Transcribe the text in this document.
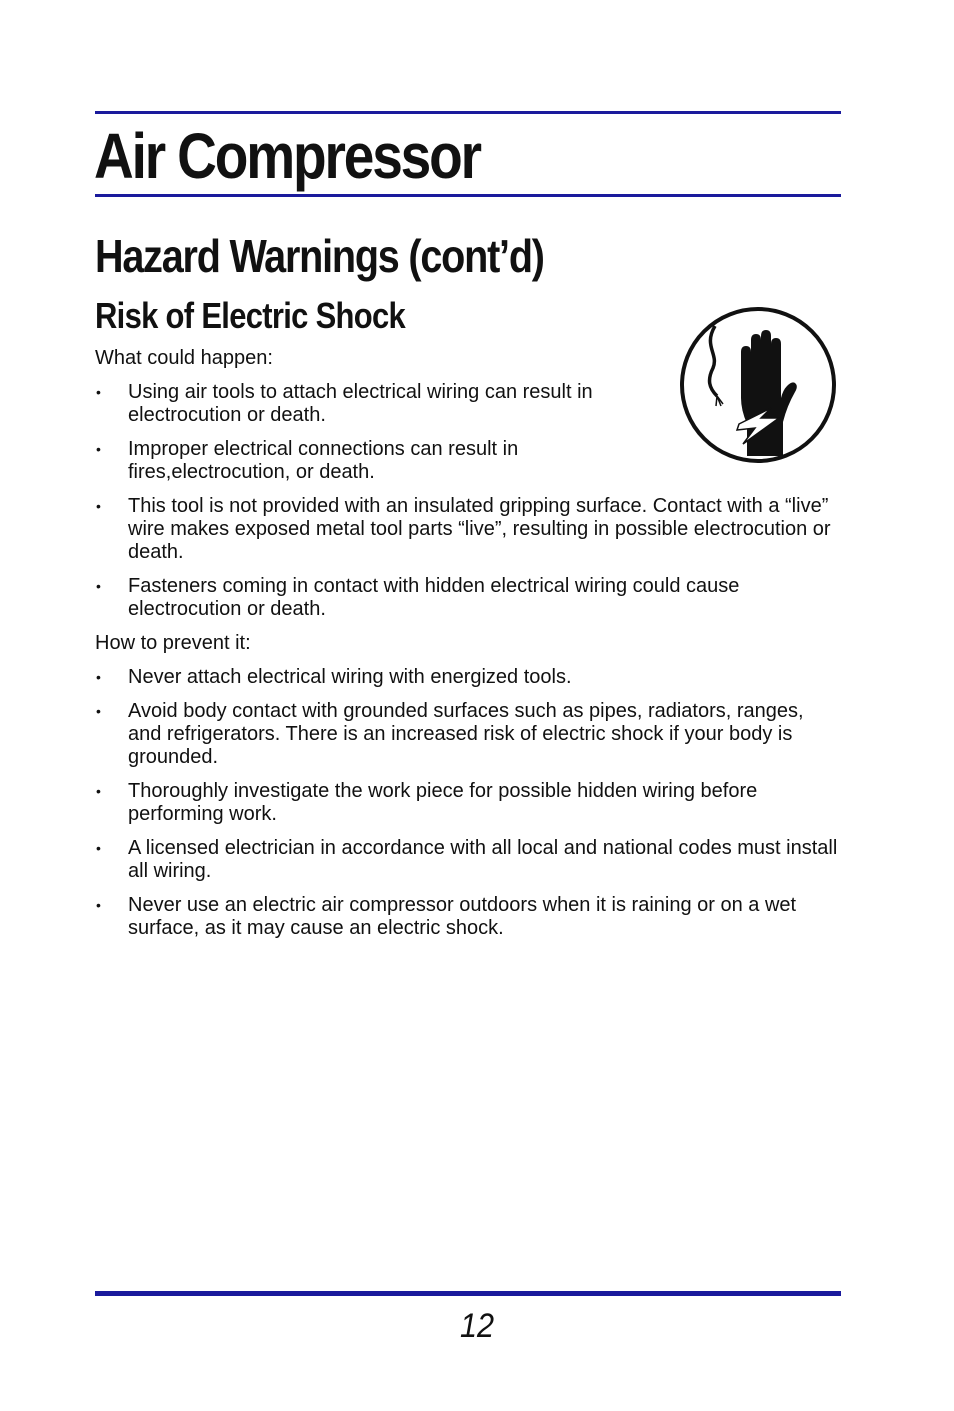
Air Compressor
Hazard Warnings (cont’d)
Risk of Electric Shock

What could happen:

• Using air tools to attach electrical wiring can result in electrocution or death.
• Improper electrical connections can result in fires,electrocution, or death.
• This tool is not provided with an insulated gripping surface. Contact with a “live” wire makes exposed metal tool parts “live”, resulting in possible electrocution or death.
• Fasteners coming in contact with hidden electrical wiring could cause electrocution or death.

How to prevent it:

• Never attach electrical wiring with energized tools.
• Avoid body contact with grounded surfaces such as pipes, radiators, ranges, and refrigerators. There is an increased risk of electric shock if your body is grounded.
• Thoroughly investigate the work piece for possible hidden wiring before performing work.
• A licensed electrician in accordance with all local and national codes must install all wiring.
• Never use an electric air compressor outdoors when it is raining or on a wet surface, as it may cause an electric shock.
12
